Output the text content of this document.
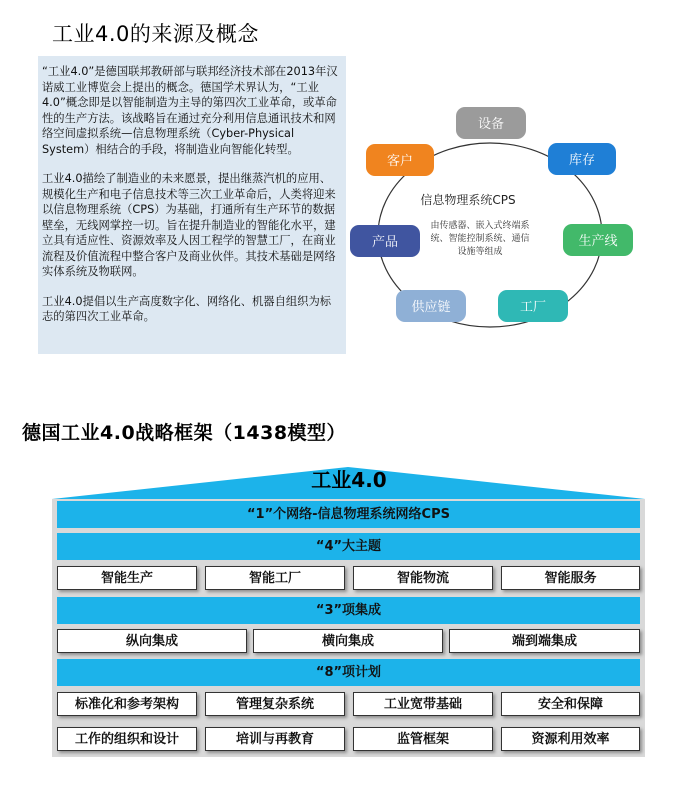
工业4.0的来源及概念

“工业4.0”是德国联邦教研部与联邦经济技术部在2013年汉诺威工业博览会上提出的概念。德国学术界认为，“工业4.0”概念即是以智能制造为主导的第四次工业革命，或革命性的生产方法。该战略旨在通过充分利用信息通讯技术和网络空间虚拟系统—信息物理系统（Cyber-Physical System）相结合的手段，将制造业向智能化转型。

工业4.0描绘了制造业的未来愿景，提出继蒸汽机的应用、规模化生产和电子信息技术等三次工业革命后，人类将迎来以信息物理系统（CPS）为基础，打通所有生产环节的数据壁垒，无线网掌控一切。旨在提升制造业的智能化水平，建立具有适应性、资源效率及人因工程学的智慧工厂，在商业流程及价值流程中整合客户及商业伙伴。其技术基础是网络实体系统及物联网。

工业4.0提倡以生产高度数字化、网络化、机器自组织为标志的第四次工业革命。

信息物理系统CPS
由传感器、嵌入式终端系
统、智能控制系统、通信
设施等组成
设备
库存
生产线
工厂
供应链
产品
客户
德国工业4.0战略框架（1438模型）
工业4.0
“1”个网络-信息物理系统网络CPS
“4”大主题
智能生产	智能工厂	智能物流	智能服务
“3”项集成
纵向集成	横向集成	端到端集成
“8”项计划
标准化和参考架构	管理复杂系统	工业宽带基础	安全和保障
工作的组织和设计	培训与再教育	监管框架	资源利用效率
